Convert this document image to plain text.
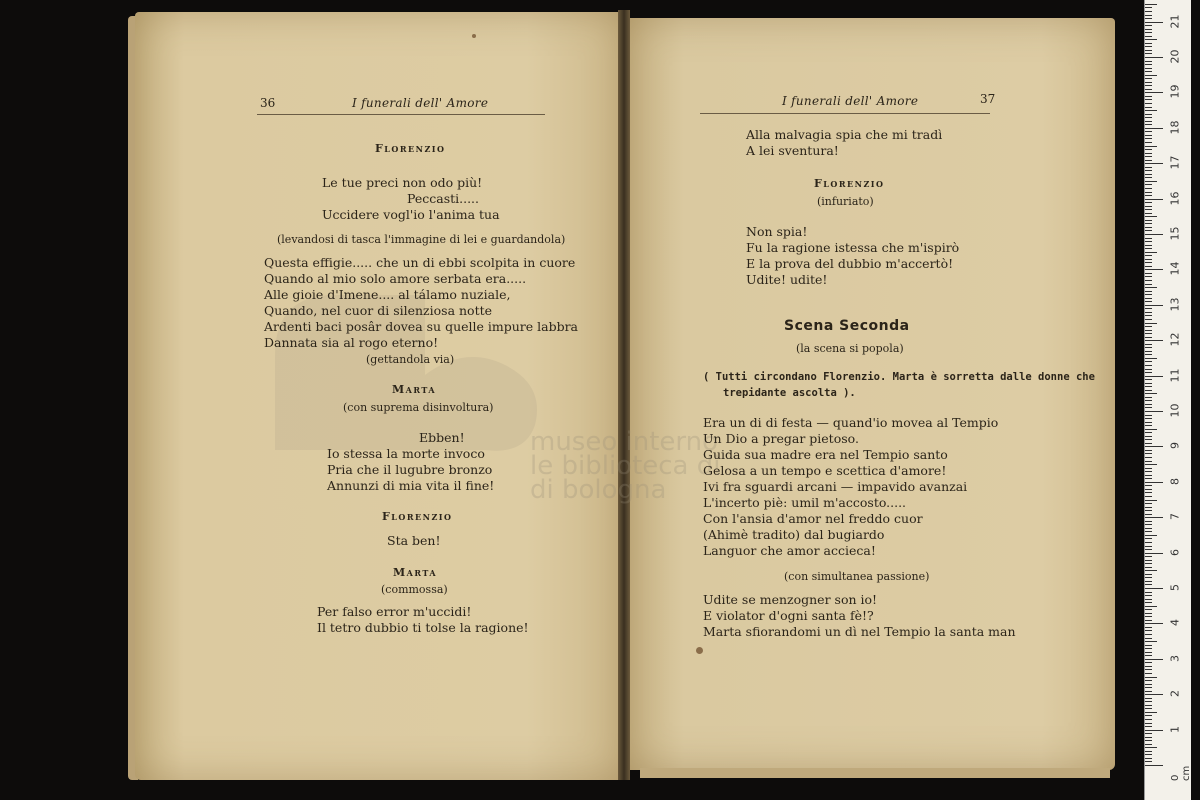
museo interno
le biblioteca di
di bologna
36	I funerali dell' Amore	I funerali dell' Amore	37
Florenzio
Le tue preci non odo più!
Peccasti.....
Uccidere vogl'io l'anima tua
(levandosi di tasca l'immagine di lei e guardandola)
Questa effigie..... che un di ebbi scolpita in cuore
Quando al mio solo amore serbata era.....
Alle gioie d'Imene.... al tálamo nuziale,
Quando, nel cuor di silenziosa notte
Ardenti baci posâr dovea su quelle impure labbra
Dannata sia al rogo eterno!
(gettandola via)
Marta
(con suprema disinvoltura)
Ebben!
Io stessa la morte invoco
Pria che il lugubre bronzo
Annunzi di mia vita il fine!
Florenzio
Sta ben!
Marta
(commossa)
Per falso error m'uccidi!
Il tetro dubbio ti tolse la ragione!
Alla malvagia spia che mi tradì
A lei sventura!
Florenzio
(infuriato)
Non spia!
Fu la ragione istessa che m'ispirò
E la prova del dubbio m'accertò!
Udite! udite!
Scena Seconda
(la scena si popola)
( Tutti circondano Florenzio. Marta è sorretta dalle donne che
trepidante ascolta ).
Era un di di festa — quand'io movea al Tempio
Un Dio a pregar pietoso.
Guida sua madre era nel Tempio santo
Gelosa a un tempo e scettica d'amore!
Ivi fra sguardi arcani — impavido avanzai
L'incerto piè: umil m'accosto.....
Con l'ansia d'amor nel freddo cuor
(Ahimè tradito) dal bugiardo
Languor che amor accieca!
(con simultanea passione)
Udite se menzogner son io!
E violator d'ogni santa fè!?
Marta sfiorandomi un dì nel Tempio la santa man
0 cm
1
2
3
4
5
6
7
8
9
10
11
12
13
14
15
16
17
18
19
20
21
